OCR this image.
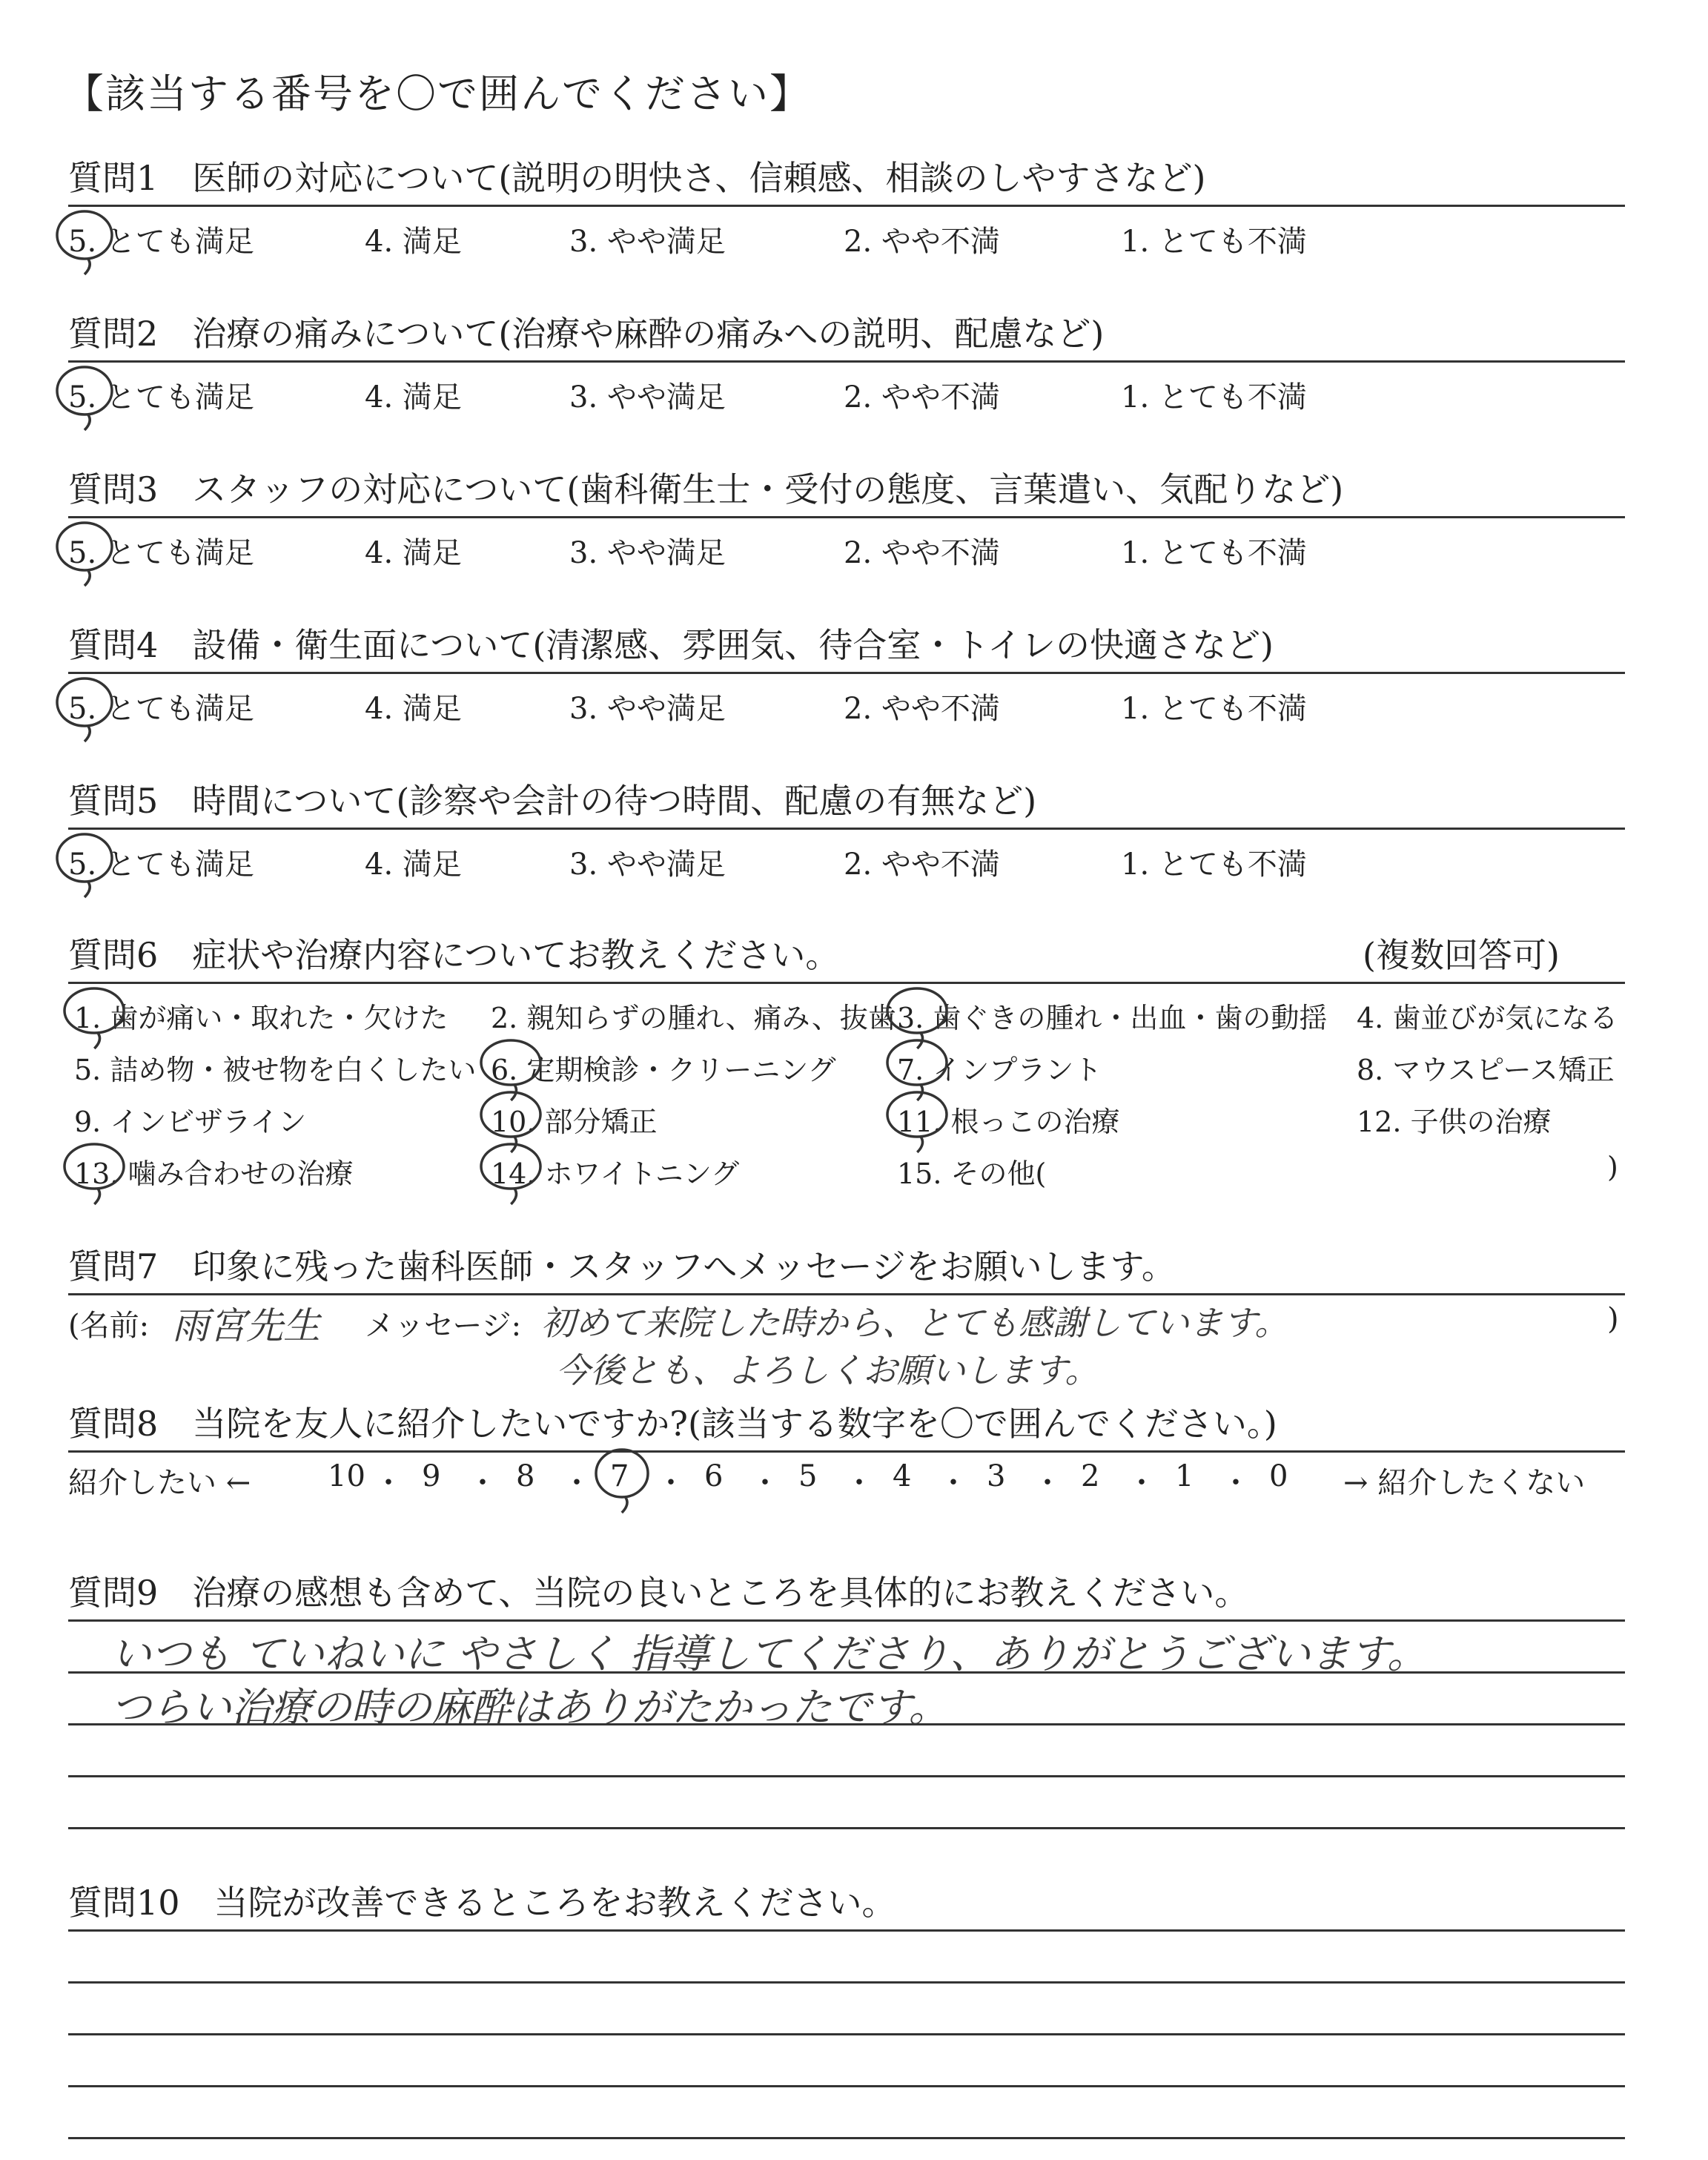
【該当する番号を〇で囲んでください】
質問6　 症状や治療内容についてお教えください。	(複数回答可)
質問7　 印象に残った歯科医師・スタッフへメッセージをお願いします。
(名前: 雨宮先生 メッセージ: 初めて来院した時から、とても感謝しています。
今後とも、よろしくお願いします。
)
質問8　 当院を友人に紹介したいですか?(該当する数字を〇で囲んでください。)
紹介したい ←	→ 紹介したくない
質問9　 治療の感想も含めて、当院の良いところを具体的にお教えください。
いつも ていねいに やさしく 指導してくださり、ありがとうございます。
つらい治療の時の麻酔はありがたかったです。
質問10　 当院が改善できるところをお教えください。
質問1　医師の対応について(説明の明快さ、信頼感、相談のしやすさなど)
5. とても満足	4. 満足	3. やや満足	2. やや不満	1. とても不満
質問2　治療の痛みについて(治療や麻酔の痛みへの説明、配慮など)
5. とても満足	4. 満足	3. やや満足	2. やや不満	1. とても不満
質問3　スタッフの対応について(歯科衛生士・受付の態度、言葉遣い、気配りなど)
5. とても満足	4. 満足	3. やや満足	2. やや不満	1. とても不満
質問4　設備・衛生面について(清潔感、雰囲気、待合室・トイレの快適さなど)
5. とても満足	4. 満足	3. やや満足	2. やや不満	1. とても不満
質問5　時間について(診察や会計の待つ時間、配慮の有無など)
5. とても満足	4. 満足	3. やや満足	2. やや不満	1. とても不満
1. 歯が痛い・取れた・欠けた 2. 親知らずの腫れ、痛み、抜歯 3. 歯ぐきの腫れ・出血・歯の動揺 4. 歯並びが気になる
5. 詰め物・被せ物を白くしたい 6. 定期検診・クリーニング 7. インプラント	8. マウスピース矯正
9. インビザライン	10. 部分矯正	11. 根っこの治療	12. 子供の治療
13. 噛み合わせの治療	14. ホワイトニング	15. その他(	)
10 ・ 9 ・ 8 ・ 7 ・ 6 ・ 5 ・ 4 ・ 3 ・ 2 ・ 1 ・ 0
